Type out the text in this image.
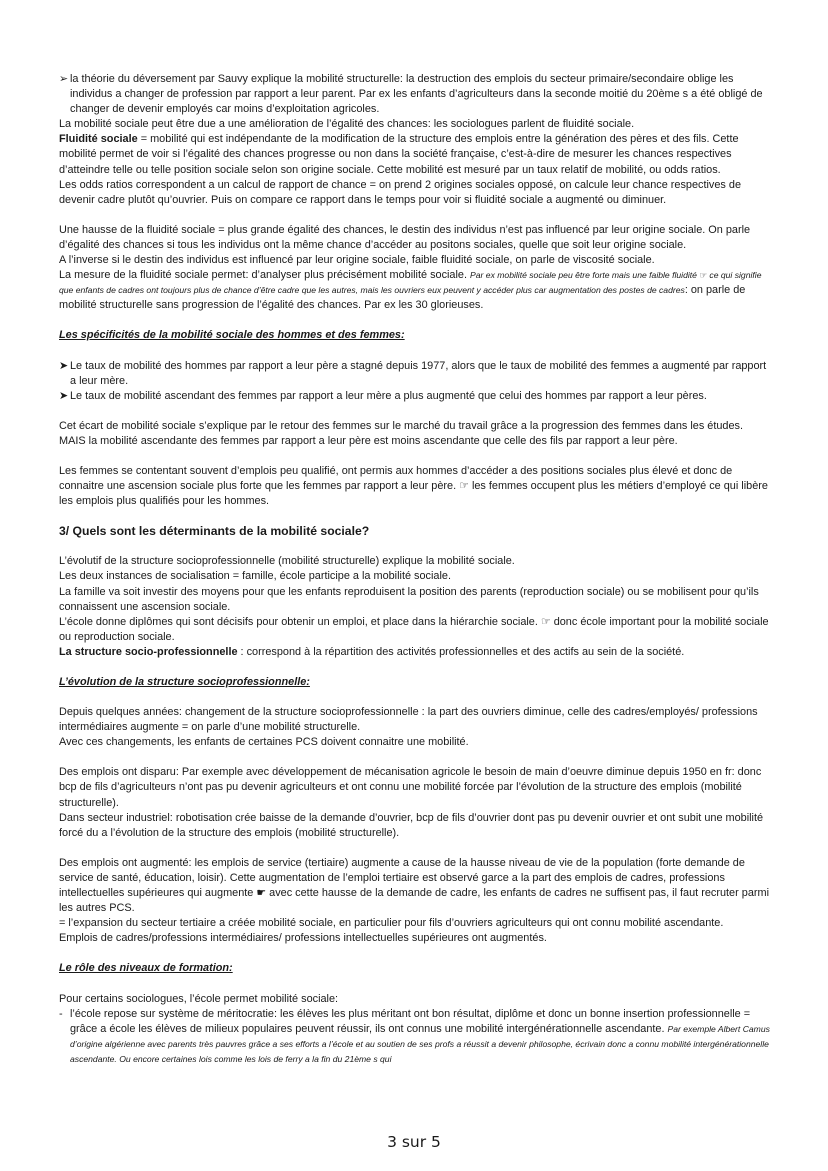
➢ la théorie du déversement par Sauvy explique la mobilité structurelle: la destruction des emplois du secteur primaire/secondaire oblige les individus a changer de profession par rapport a leur parent. Par ex les enfants d’agriculteurs dans la seconde moitié du 20ème s a été obligé de changer de devenir employés car moins d’exploitation agricoles.

La mobilité sociale peut être due a une amélioration de l’égalité des chances: les sociologues parlent de fluidité sociale.

Fluidité sociale = mobilité qui est indépendante de la modification de la structure des emplois entre la génération des pères et des fils. Cette mobilité permet de voir si l’égalité des chances progresse ou non dans la société française, c’est-à-dire de mesurer les chances respectives d’atteindre telle ou telle position sociale selon son origine sociale. Cette mobilité est mesuré par un taux relatif de mobilité, ou odds ratios.

Les odds ratios correspondent a un calcul de rapport de chance = on prend 2 origines sociales opposé, on calcule leur chance respectives de devenir cadre plutôt qu’ouvrier. Puis on compare ce rapport dans le temps pour voir si fluidité sociale a augmenté ou diminuer.

Une hausse de la fluidité sociale = plus grande égalité des chances, le destin des individus n’est pas influencé par leur origine sociale. On parle d’égalité des chances si tous les individus ont la même chance d’accéder au positons sociales, quelle que soit leur origine sociale.

A l’inverse si le destin des individus est influencé par leur origine sociale, faible fluidité sociale, on parle de viscosité sociale.

La mesure de la fluidité sociale permet: d’analyser plus précisément mobilité sociale. Par ex mobilité sociale peu être forte mais une faible fluidité ☞ ce qui signifie que enfants de cadres ont toujours plus de chance d’être cadre que les autres, mais les ouvriers eux peuvent y accéder plus car augmentation des postes de cadres: on parle de mobilité structurelle sans progression de l’égalité des chances. Par ex les 30 glorieuses.

Les spécificités de la mobilité sociale des hommes et des femmes:

➤ Le taux de mobilité des hommes par rapport a leur père a stagné depuis 1977, alors que le taux de mobilité des femmes a augmenté par rapport a leur mère.

➤ Le taux de mobilité ascendant des femmes par rapport a leur mère a plus augmenté que celui des hommes par rapport a leur pères.

Cet écart de mobilité sociale s’explique par le retour des femmes sur le marché du travail grâce a la progression des femmes dans les études.

MAIS la mobilité ascendante des femmes par rapport a leur père est moins ascendante que celle des fils par rapport a leur père.

Les femmes se contentant souvent d’emplois peu qualifié, ont permis aux hommes d’accéder a des positions sociales plus élevé et donc de connaitre une ascension sociale plus forte que les femmes par rapport a leur père. ☞ les femmes occupent plus les métiers d’employé ce qui libère les emplois plus qualifiés pour les hommes.

3/ Quels sont les déterminants de la mobilité sociale?

L’évolutif de la structure socioprofessionnelle (mobilité structurelle) explique la mobilité sociale.

Les deux instances de socialisation = famille, école participe a la mobilité sociale.

La famille va soit investir des moyens pour que les enfants reproduisent la position des parents (reproduction sociale) ou se mobilisent pour qu’ils connaissent une ascension sociale.

L’école donne diplômes qui sont décisifs pour obtenir un emploi, et place dans la hiérarchie sociale. ☞ donc école important pour la mobilité sociale ou reproduction sociale.

La structure socio-professionnelle : correspond à la répartition des activités professionnelles et des actifs au sein de la société.

L’évolution de la structure socioprofessionnelle:

Depuis quelques années: changement de la structure socioprofessionnelle : la part des ouvriers diminue, celle des cadres/employés/ professions intermédiaires augmente = on parle d’une mobilité structurelle.

Avec ces changements, les enfants de certaines PCS doivent connaitre une mobilité.

Des emplois ont disparu: Par exemple avec développement de mécanisation agricole le besoin de main d’oeuvre diminue depuis 1950 en fr: donc bcp de fils d’agriculteurs n’ont pas pu devenir agriculteurs et ont connu une mobilité forcée par l’évolution de la structure des emplois (mobilité structurelle).

Dans secteur industriel: robotisation crée baisse de la demande d’ouvrier, bcp de fils d’ouvrier dont pas pu devenir ouvrier et ont subit une mobilité forcé du a l’évolution de la structure des emplois (mobilité structurelle).

Des emplois ont augmenté: les emplois de service (tertiaire) augmente a cause de la hausse niveau de vie de la population (forte demande de service de santé, éducation, loisir). Cette augmentation de l’emploi tertiaire est observé garce a la part des emplois de cadres, professions intellectuelles supérieures qui augmente ☛ avec cette hausse de la demande de cadre, les enfants de cadres ne suffisent pas, il faut recruter parmi les autres PCS.

= l’expansion du secteur tertiaire a créée mobilité sociale, en particulier pour fils d’ouvriers agriculteurs qui ont connu mobilité ascendante.

Emplois de cadres/professions intermédiaires/ professions intellectuelles supérieures ont augmentés.

Le rôle des niveaux de formation:

Pour certains sociologues, l’école permet mobilité sociale:

- l’école repose sur système de méritocratie: les élèves les plus méritant ont bon résultat, diplôme et donc un bonne insertion professionnelle = grâce a école les élèves de milieux populaires peuvent réussir, ils ont connus une mobilité intergénérationnelle ascendante. Par exemple Albert Camus d’origine algérienne avec parents très pauvres grâce a ses efforts a l’école et au soutien de ses profs a réussit a devenir philosophe, écrivain donc a connu mobilité intergénérationnelle ascendante. Ou encore certaines lois comme les lois de ferry a la fin du 21ème s qui

3 sur 5
